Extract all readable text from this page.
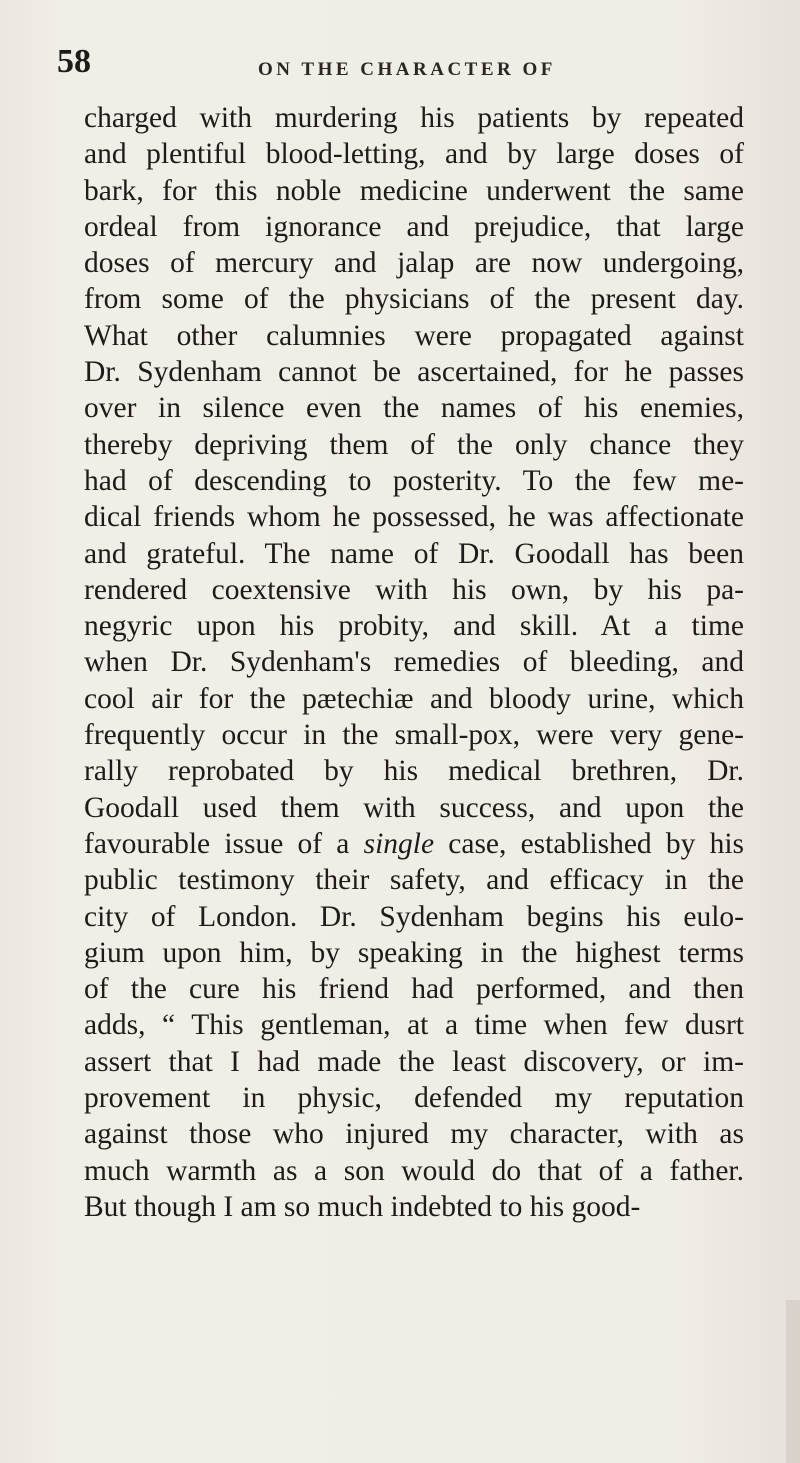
58	ON THE CHARACTER OF
charged with murdering his patients by repeated
and plentiful blood-letting, and by large doses of
bark, for this noble medicine underwent the same
ordeal from ignorance and prejudice, that large
doses of mercury and jalap are now undergoing,
from some of the physicians of the present day.
What other calumnies were propagated against
Dr. Sydenham cannot be ascertained, for he passes
over in silence even the names of his enemies,
thereby depriving them of the only chance they
had of descending to posterity. To the few me-
dical friends whom he possessed, he was affectionate
and grateful. The name of Dr. Goodall has been
rendered coextensive with his own, by his pa-
negyric upon his probity, and skill. At a time
when Dr. Sydenham's remedies of bleeding, and
cool air for the pætechiæ and bloody urine, which
frequently occur in the small-pox, were very gene-
rally reprobated by his medical brethren, Dr.
Goodall used them with success, and upon the
favourable issue of a single case, established by his
public testimony their safety, and efficacy in the
city of London. Dr. Sydenham begins his eulo-
gium upon him, by speaking in the highest terms
of the cure his friend had performed, and then
adds, “ This gentleman, at a time when few dusrt
assert that I had made the least discovery, or im-
provement in physic, defended my reputation
against those who injured my character, with as
much warmth as a son would do that of a father.
But though I am so much indebted to his good-
